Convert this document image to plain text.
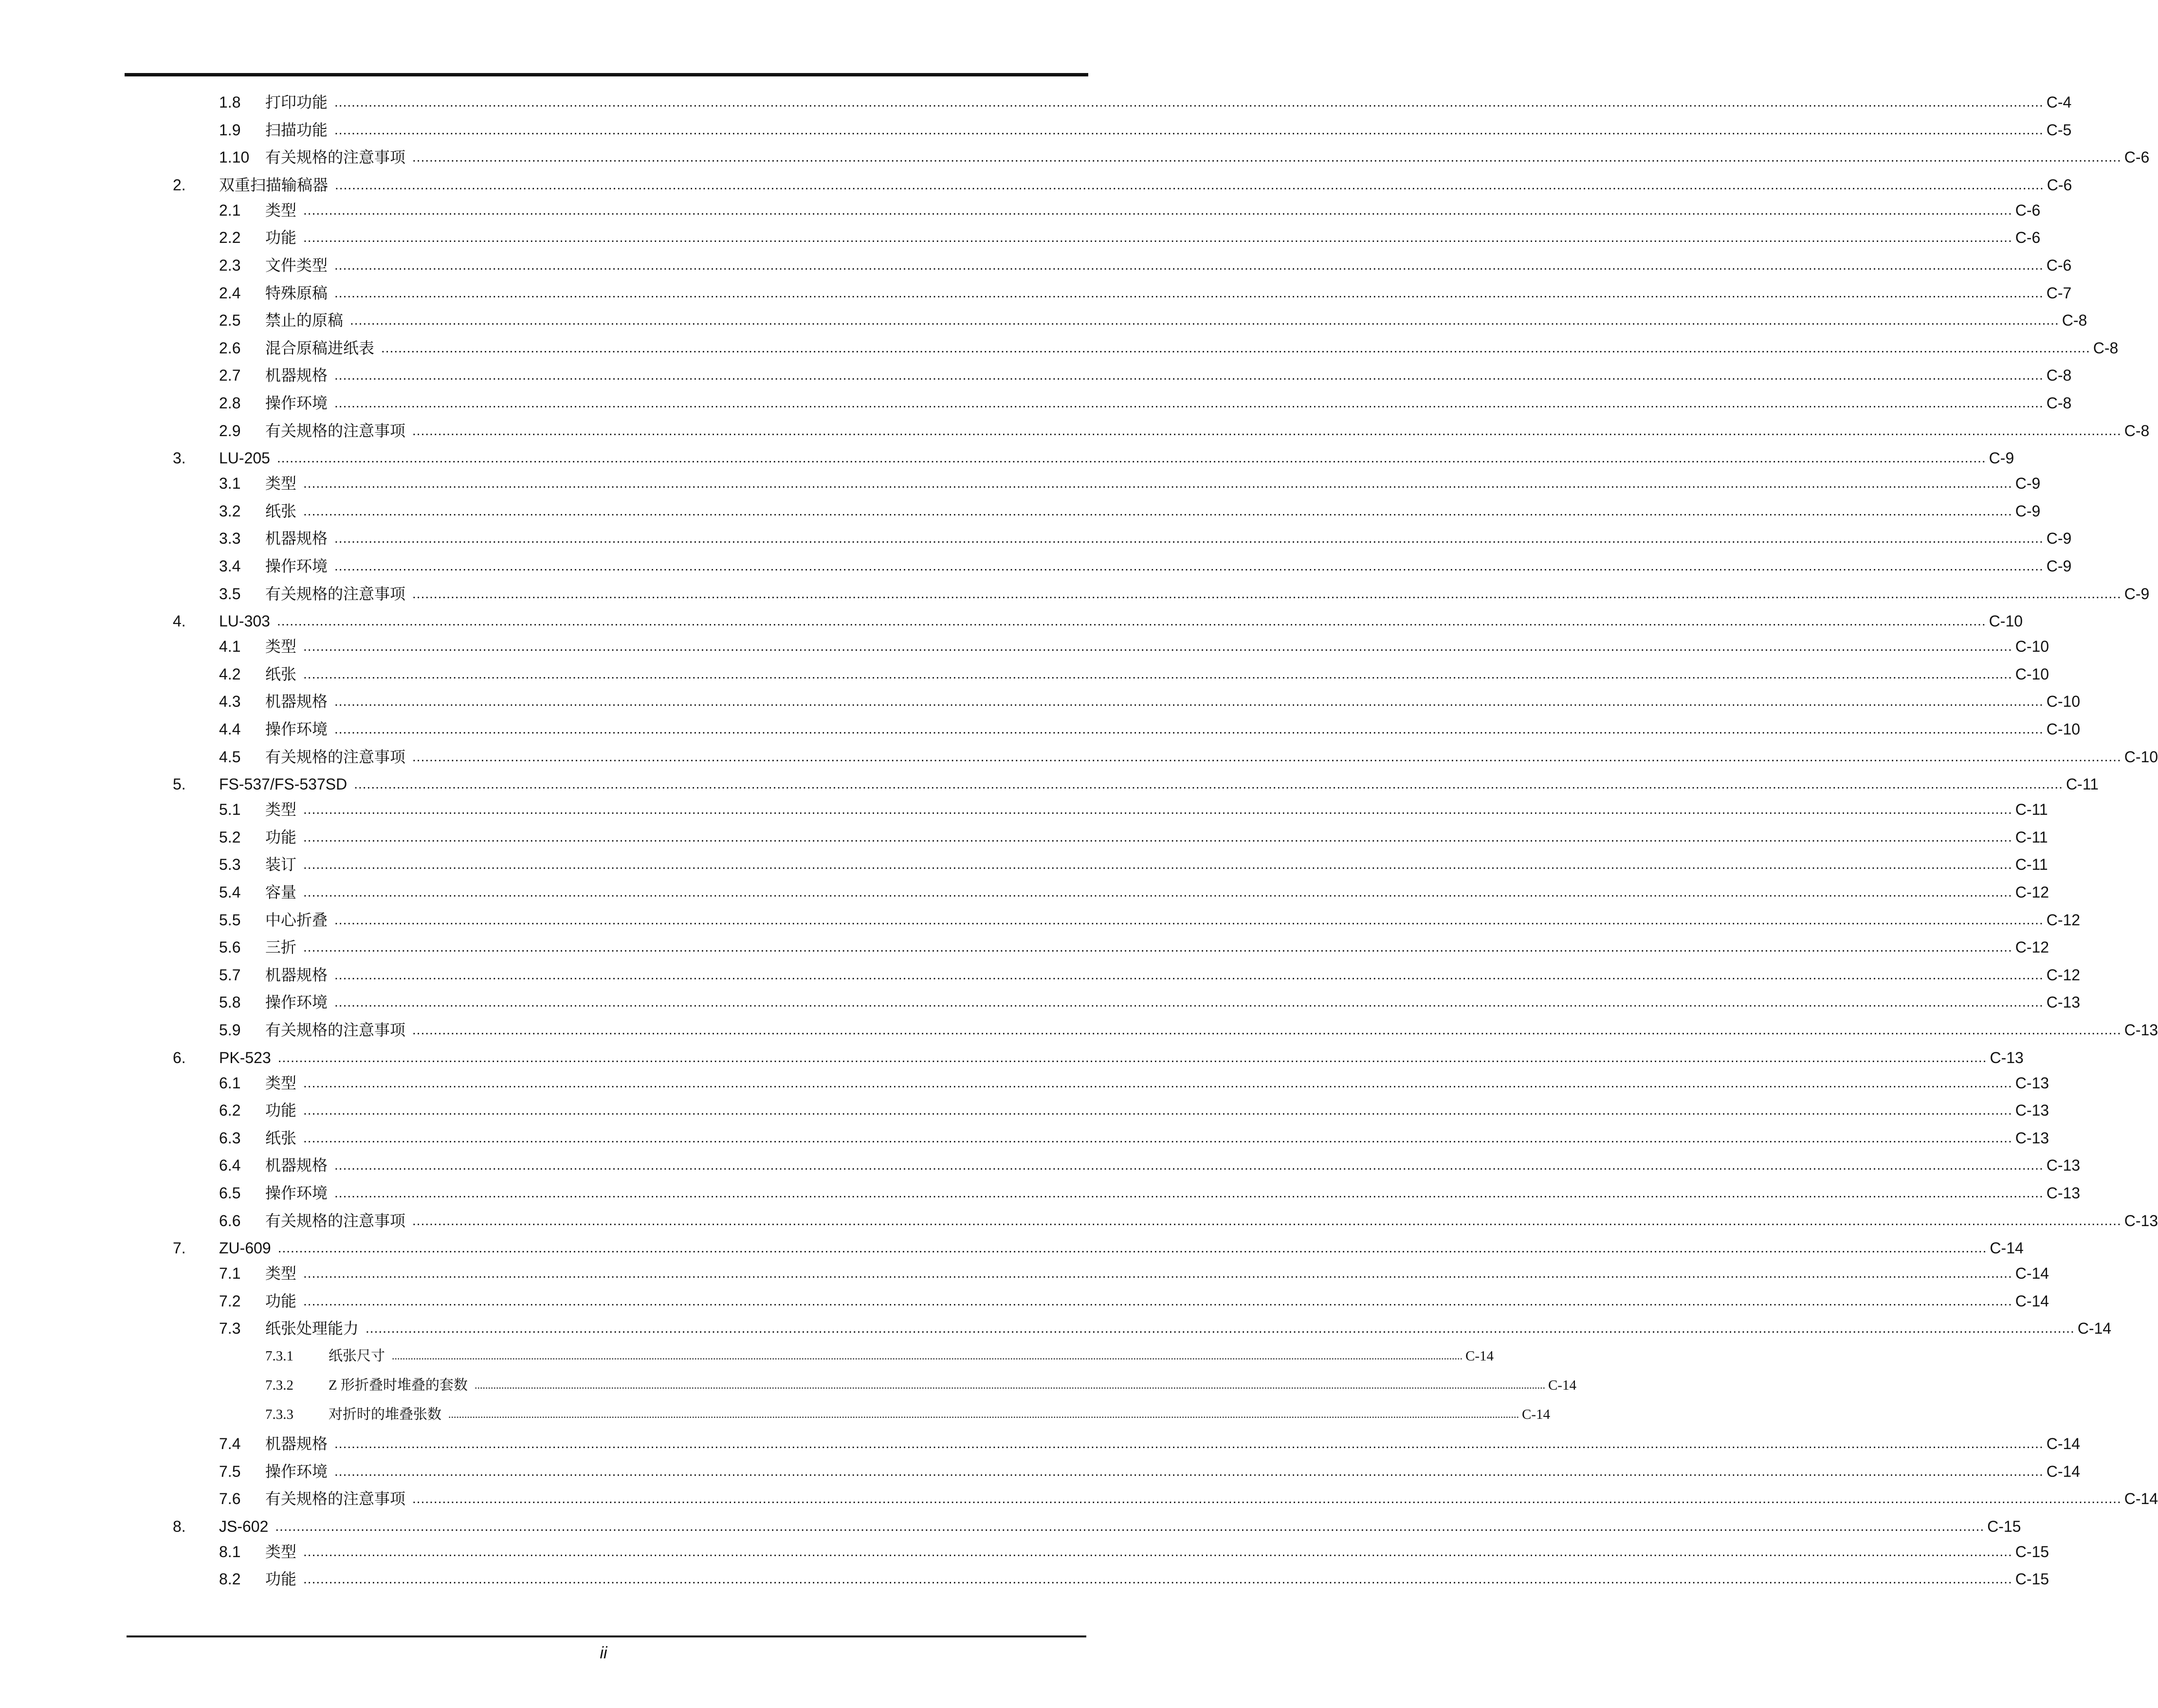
1.8 打印功能 ................................................................................................................................................................................................................................................................................................................................................................................................................ C-4
1.9 扫描功能 ................................................................................................................................................................................................................................................................................................................................................................................................................ C-5
1.10 有关规格的注意事项 ................................................................................................................................................................................................................................................................................................................................................................................................................ C-6
2. 双重扫描输稿器 ................................................................................................................................................................................................................................................................................................................................................................................................................ C-6
2.1 类型 ................................................................................................................................................................................................................................................................................................................................................................................................................ C-6
2.2 功能 ................................................................................................................................................................................................................................................................................................................................................................................................................ C-6
2.3 文件类型 ................................................................................................................................................................................................................................................................................................................................................................................................................ C-6
2.4 特殊原稿 ................................................................................................................................................................................................................................................................................................................................................................................................................ C-7
2.5 禁止的原稿 ................................................................................................................................................................................................................................................................................................................................................................................................................ C-8
2.6 混合原稿进纸表 ................................................................................................................................................................................................................................................................................................................................................................................................................ C-8
2.7 机器规格 ................................................................................................................................................................................................................................................................................................................................................................................................................ C-8
2.8 操作环境 ................................................................................................................................................................................................................................................................................................................................................................................................................ C-8
2.9 有关规格的注意事项 ................................................................................................................................................................................................................................................................................................................................................................................................................ C-8
3. LU-205 ................................................................................................................................................................................................................................................................................................................................................................................................................ C-9
3.1 类型 ................................................................................................................................................................................................................................................................................................................................................................................................................ C-9
3.2 纸张 ................................................................................................................................................................................................................................................................................................................................................................................................................ C-9
3.3 机器规格 ................................................................................................................................................................................................................................................................................................................................................................................................................ C-9
3.4 操作环境 ................................................................................................................................................................................................................................................................................................................................................................................................................ C-9
3.5 有关规格的注意事项 ................................................................................................................................................................................................................................................................................................................................................................................................................ C-9
4. LU-303 ................................................................................................................................................................................................................................................................................................................................................................................................................ C-10
4.1 类型 ................................................................................................................................................................................................................................................................................................................................................................................................................ C-10
4.2 纸张 ................................................................................................................................................................................................................................................................................................................................................................................................................ C-10
4.3 机器规格 ................................................................................................................................................................................................................................................................................................................................................................................................................ C-10
4.4 操作环境 ................................................................................................................................................................................................................................................................................................................................................................................................................ C-10
4.5 有关规格的注意事项 ................................................................................................................................................................................................................................................................................................................................................................................................................ C-10
5. FS-537/FS-537SD ................................................................................................................................................................................................................................................................................................................................................................................................................ C-11
5.1 类型 ................................................................................................................................................................................................................................................................................................................................................................................................................ C-11
5.2 功能 ................................................................................................................................................................................................................................................................................................................................................................................................................ C-11
5.3 装订 ................................................................................................................................................................................................................................................................................................................................................................................................................ C-11
5.4 容量 ................................................................................................................................................................................................................................................................................................................................................................................................................ C-12
5.5 中心折叠 ................................................................................................................................................................................................................................................................................................................................................................................................................ C-12
5.6 三折 ................................................................................................................................................................................................................................................................................................................................................................................................................ C-12
5.7 机器规格 ................................................................................................................................................................................................................................................................................................................................................................................................................ C-12
5.8 操作环境 ................................................................................................................................................................................................................................................................................................................................................................................................................ C-13
5.9 有关规格的注意事项 ................................................................................................................................................................................................................................................................................................................................................................................................................ C-13
6. PK-523 ................................................................................................................................................................................................................................................................................................................................................................................................................ C-13
6.1 类型 ................................................................................................................................................................................................................................................................................................................................................................................................................ C-13
6.2 功能 ................................................................................................................................................................................................................................................................................................................................................................................................................ C-13
6.3 纸张 ................................................................................................................................................................................................................................................................................................................................................................................................................ C-13
6.4 机器规格 ................................................................................................................................................................................................................................................................................................................................................................................................................ C-13
6.5 操作环境 ................................................................................................................................................................................................................................................................................................................................................................................................................ C-13
6.6 有关规格的注意事项 ................................................................................................................................................................................................................................................................................................................................................................................................................ C-13
7. ZU-609 ................................................................................................................................................................................................................................................................................................................................................................................................................ C-14
7.1 类型 ................................................................................................................................................................................................................................................................................................................................................................................................................ C-14
7.2 功能 ................................................................................................................................................................................................................................................................................................................................................................................................................ C-14
7.3 纸张处理能力 ................................................................................................................................................................................................................................................................................................................................................................................................................ C-14
7.3.1 纸张尺寸 ................................................................................................................................................................................................................................................................................................................................................................................................................ C-14
7.3.2 Z 形折叠时堆叠的套数 ................................................................................................................................................................................................................................................................................................................................................................................................................ C-14
7.3.3 对折时的堆叠张数 ................................................................................................................................................................................................................................................................................................................................................................................................................ C-14
7.4 机器规格 ................................................................................................................................................................................................................................................................................................................................................................................................................ C-14
7.5 操作环境 ................................................................................................................................................................................................................................................................................................................................................................................................................ C-14
7.6 有关规格的注意事项 ................................................................................................................................................................................................................................................................................................................................................................................................................ C-14
8. JS-602 ................................................................................................................................................................................................................................................................................................................................................................................................................ C-15
8.1 类型 ................................................................................................................................................................................................................................................................................................................................................................................................................ C-15
8.2 功能 ................................................................................................................................................................................................................................................................................................................................................................................................................ C-15
ii
